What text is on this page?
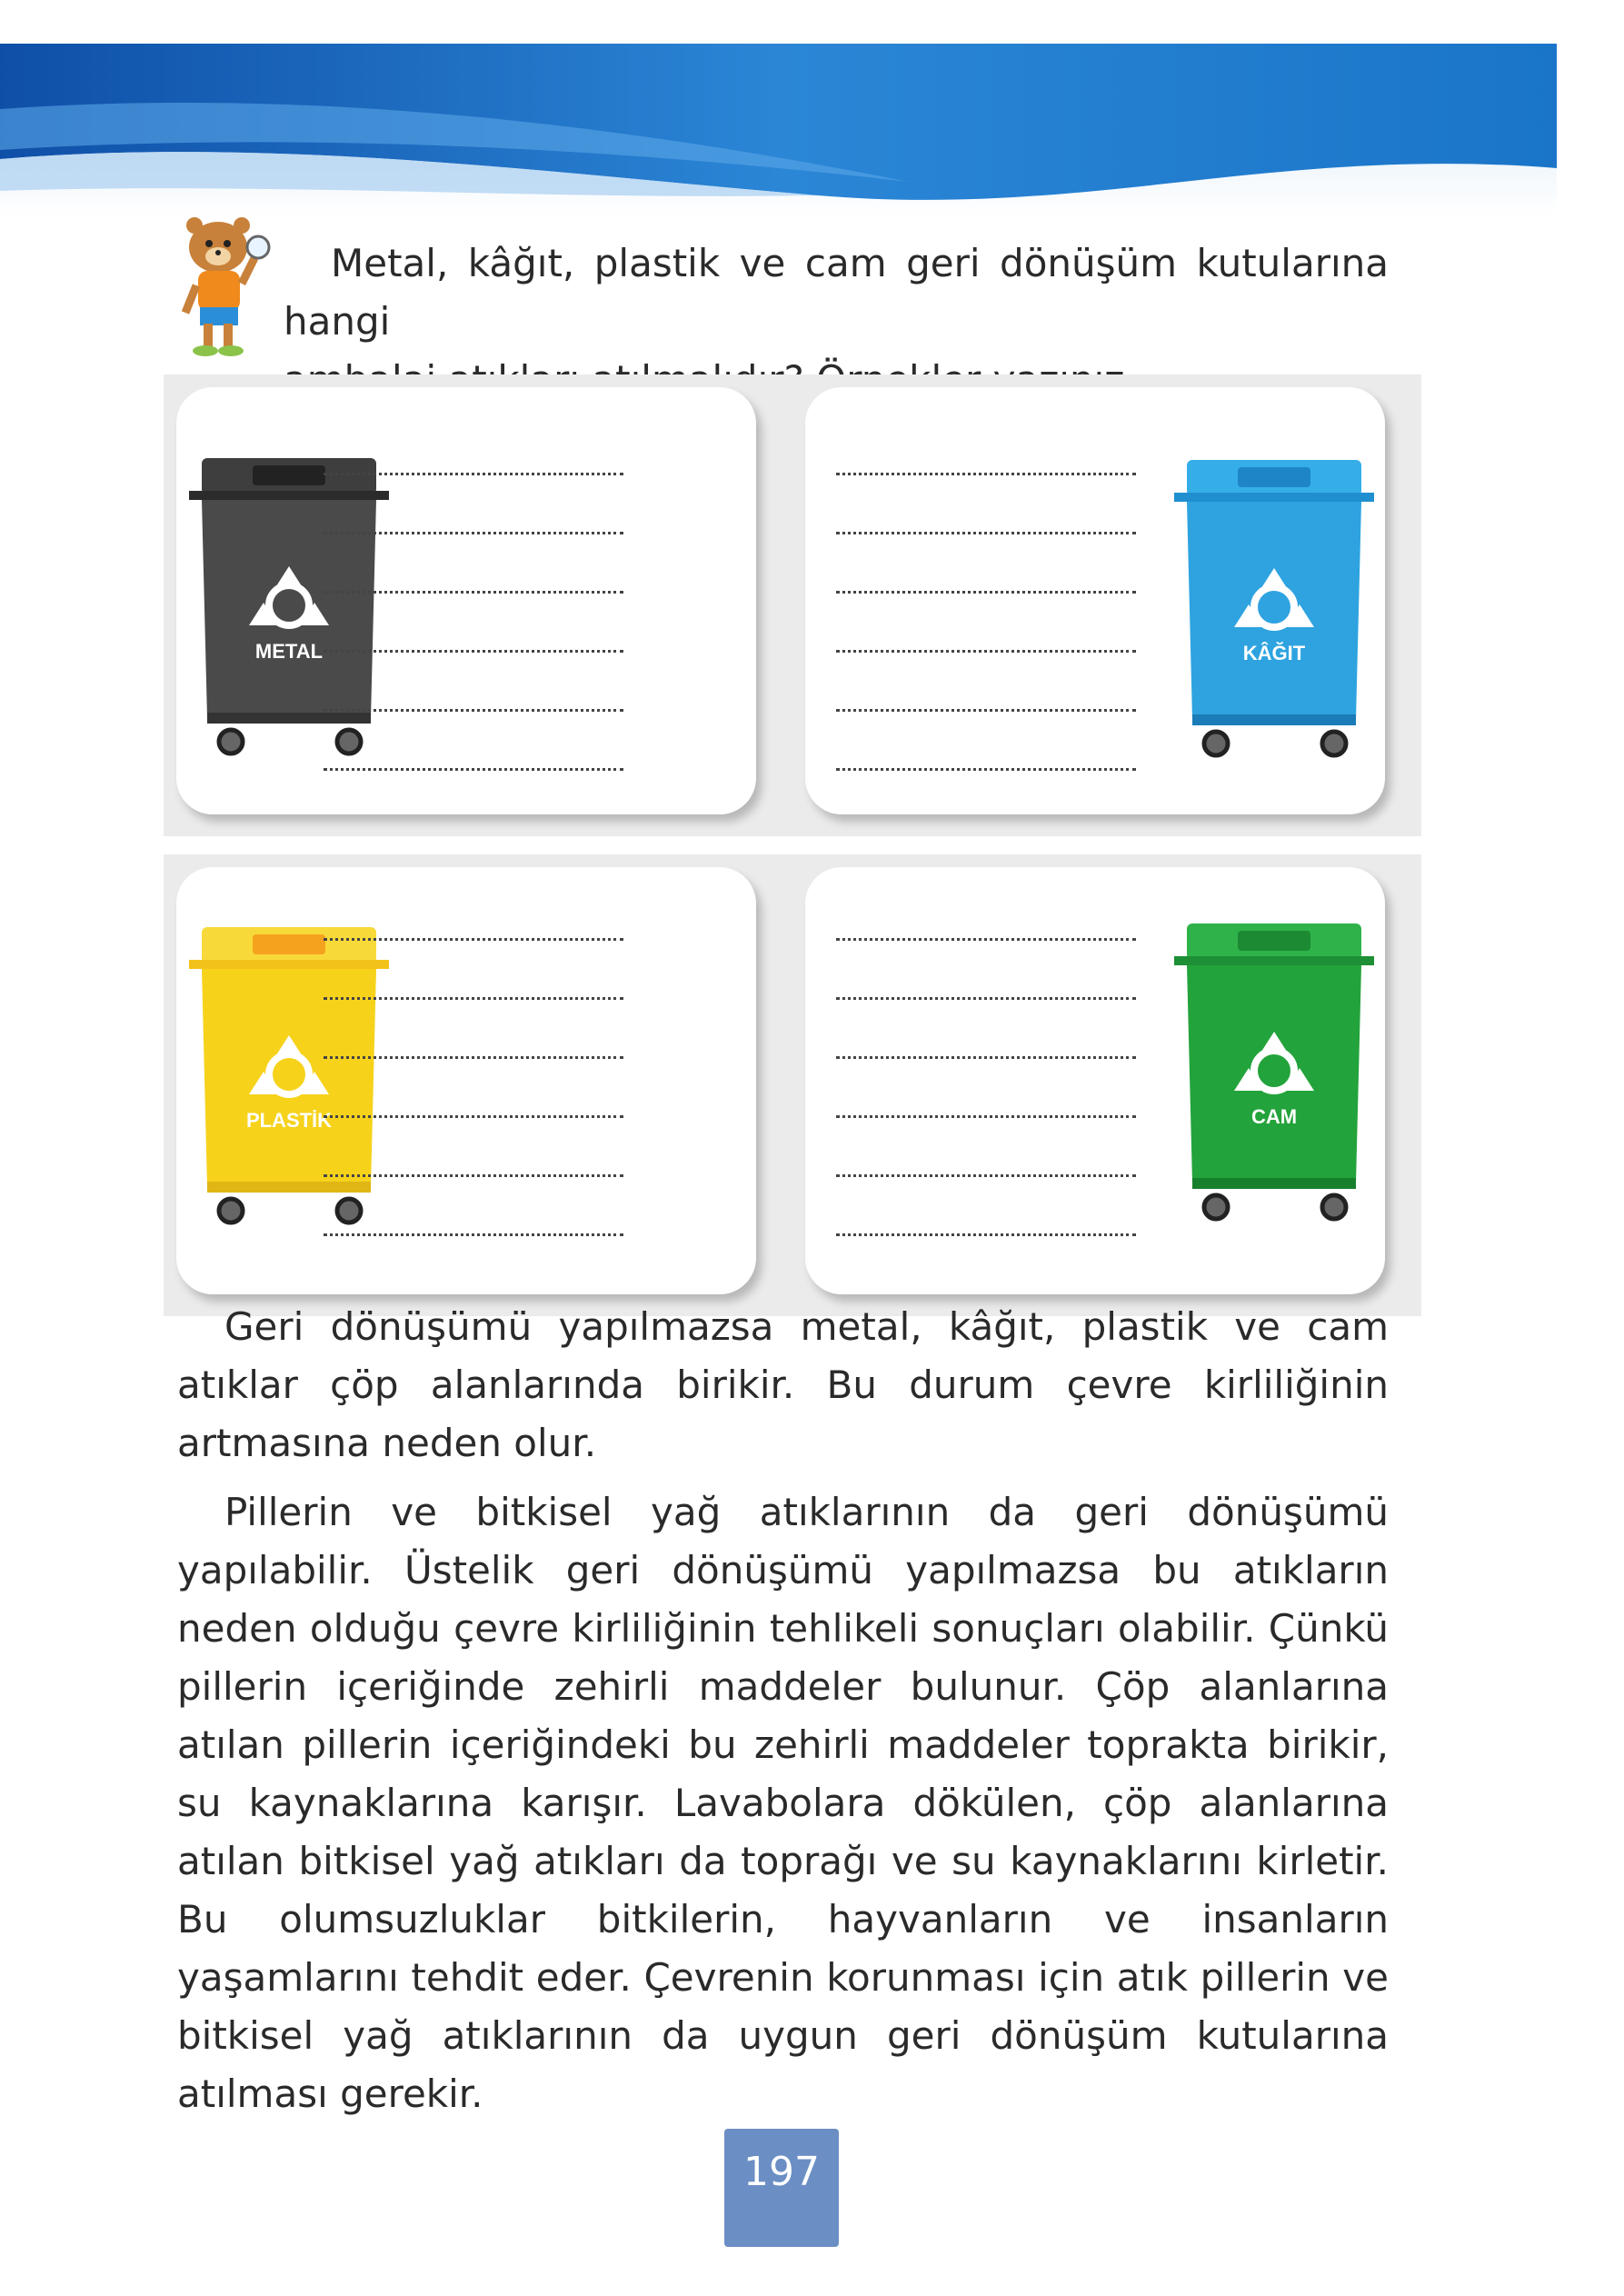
Metal, kâğıt, plastik ve cam geri dönüşüm kutularına hangi
METAL	KÂĞIT
PLASTİK	CAM

Geri dönüşümü yapılmazsa metal, kâğıt, plastik ve cam atıklar çöp alanlarında birikir. Bu durum çevre kirliliğinin artmasına neden olur.

Pillerin ve bitkisel yağ atıklarının da geri dönüşümü yapılabilir. Üstelik geri dönüşümü yapılmazsa bu atıkların neden olduğu çevre kirliliğinin tehlikeli sonuçları olabilir. Çünkü pillerin içeriğinde zehirli maddeler bulunur. Çöp alanlarına atılan pillerin içeriğindeki bu zehirli maddeler toprakta birikir, su kaynaklarına karışır. Lavabolara dökülen, çöp alanlarına atılan bitkisel yağ atıkları da toprağı ve su kaynaklarını kirletir. Bu olumsuzluklar bitkilerin, hayvanların ve insanların yaşamlarını tehdit eder. Çevrenin korunması için atık pillerin ve bitkisel yağ atıklarının da uygun geri dönüşüm kutularına atılması gerekir.

197
